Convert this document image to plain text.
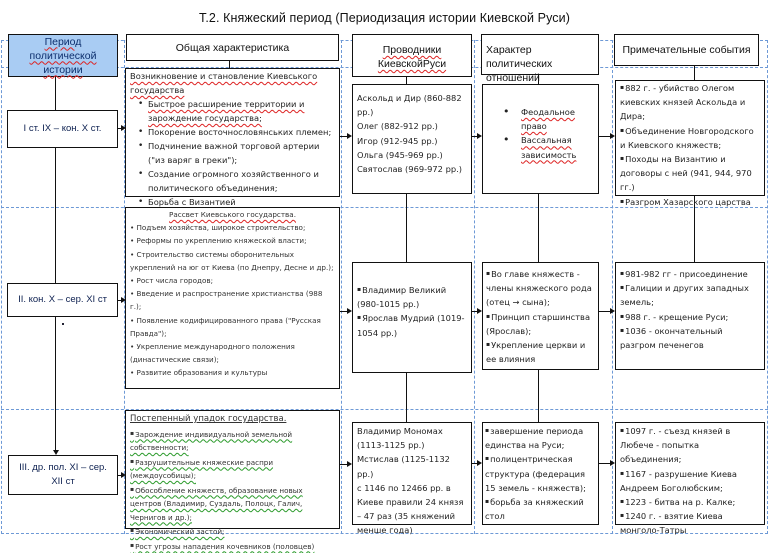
Т.2. Княжеский период (Периодизация истории Киевской Руси)
Период политической истории
Общая характеристика	Проводники КиевскойРуси
Характер политических отношений
Примечательные события
I ст. IX – кон. X ст.
Возникновение и становление Киевського государства
• Быстрое расширение территории и зарождение государства;
• Покорение восточнословянських племен;
• Подчинение важной торговой артерии ("из варяг в греки");
• Создание огромного хозяйственного и политического объединения;
• Борьба с Византией
Аскольд и Дир (860-882 рр.)
Олег (882-912 рр.)
Игор (912-945 рр.)
Ольга (945-969 рр.)
Святослав (969-972 рр.)
• Феодальное право
• Вассальная зависимость
▪ 882 г. - убийство Олегом киевских князей Аскольда и Дира;
▪ Объединение Новгородского и Киевского княжеств;
▪ Походы на Византию и договоры с ней (941, 944, 970 гг.)
▪ Разгром Хазарского царства
II. кон. X – сер. XI ст
Рассвет Киевського государства.
• Подъем хозяйства, широкое строительство;
• Реформы по укреплению княжеской власти;
• Строительство системы оборонительных укреплений на юг от Киева (по Днепру, Десне и др.);
• Рост числа городов;
• Введение и распространение христианства (988 г.);
• Появление кодифицированного права ("Русская Правда");
• Укрепление международного положения (династические связи);
• Развитие образования и культуры
▪ Владимир Великий (980-1015 рр.)
▪ Ярослав Мудрий (1019-1054 рр.)
▪ Во главе княжеств - члены княжеского рода (отец → сына);
▪ Принцип старшинства (Ярослав);
▪ Укрепление церкви и ее влияния
▪ 981-982 гг - присоединение
▪ Галиции и других западных земель;
▪ 988 г. - крещение Руси;
▪ 1036 - окончательный разгром печенегов
III. др. пол. XI – сер. XII ст
Постепенный упадок государства.
▪ Зарождение индивидуальной земельной собственности;
▪ Разрушительные княжеские распри (междоусобицы);
▪ Обособление княжеств, образование новых центров (Владимир, Суздаль, Полоцк, Галич, Чернигов и др.);
▪ Экономический застой;
▪ Рост угрозы нападения кочевников (половцев)
Владимир Мономах (1113-1125 рр.)
Мстислав (1125-1132 рр.)
с 1146 по 12466 рр. в Киеве правили 24 князя – 47 раз (35 княжений менше года)
▪ завершение периода единства на Руси;
▪ полицентрическая структура (федерация 15 земель - княжеств);
▪ борьба за княжеский стол
▪ 1097 г. - съезд князей в Любече - попытка объединения;
▪ 1167 - разрушение Киева Андреем Боголюбским;
▪ 1223 - битва на р. Калке;
▪ 1240 г. - взятие Киева монголо-Татры
